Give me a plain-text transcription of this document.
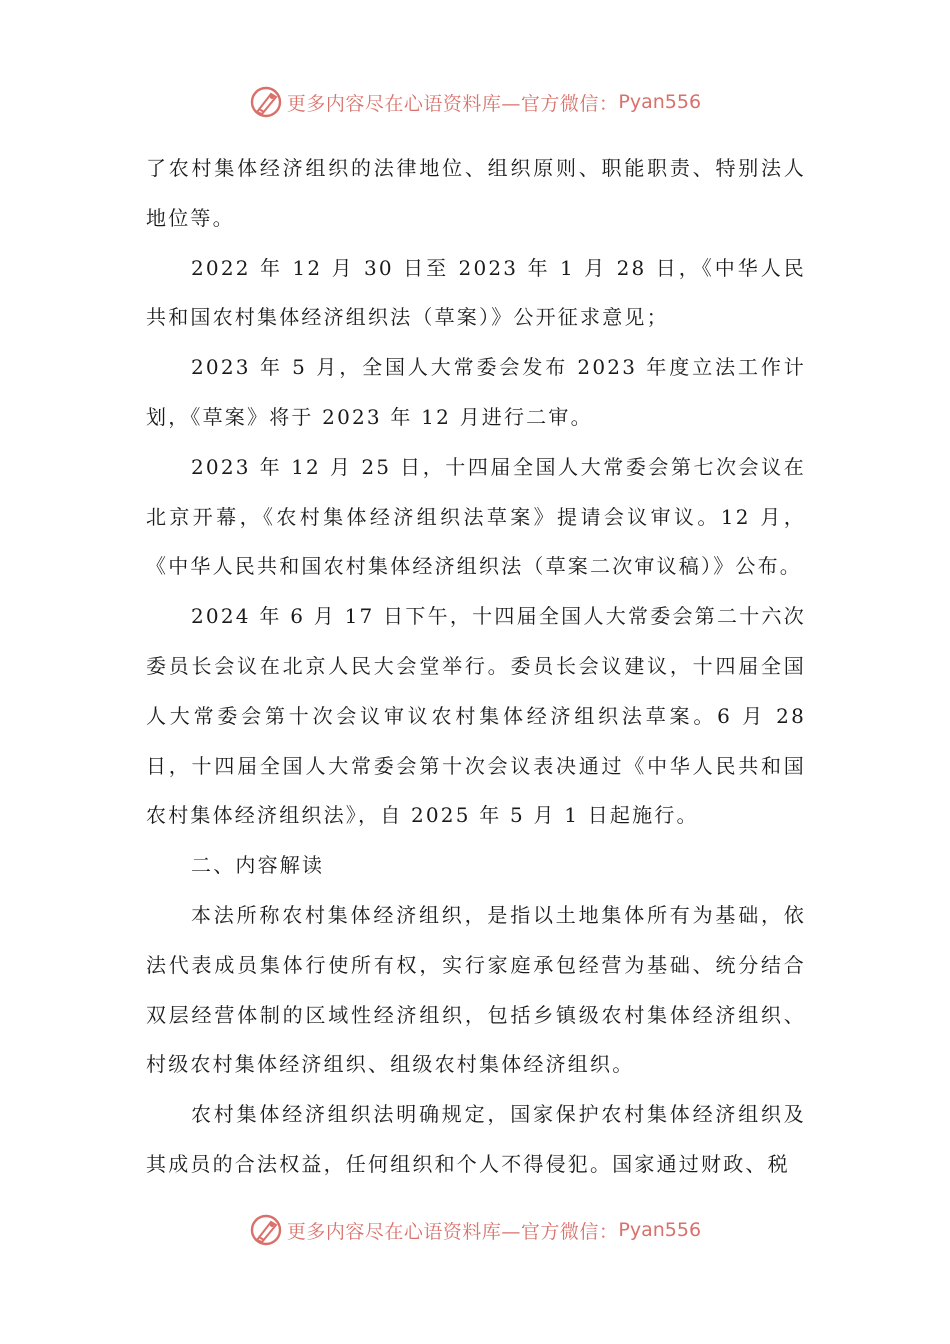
更多内容尽在心语资料库—官方微信： Pyan556

了农村集体经济组织的法律地位、组织原则、职能职责、特别法人地位等。

2022 年 12 月 30 日至 2023 年 1 月 28 日，《中华人民共和国农村集体经济组织法（草案）》公开征求意见；

2023 年 5 月，全国人大常委会发布 2023 年度立法工作计划，《草案》将于 2023 年 12 月进行二审。

2023 年 12 月 25 日，十四届全国人大常委会第七次会议在北京开幕，《农村集体经济组织法草案》提请会议审议。12 月，《中华人民共和国农村集体经济组织法（草案二次审议稿）》公布。

2024 年 6 月 17 日下午，十四届全国人大常委会第二十六次委员长会议在北京人民大会堂举行。委员长会议建议，十四届全国人大常委会第十次会议审议农村集体经济组织法草案。6 月 28 日，十四届全国人大常委会第十次会议表决通过《中华人民共和国农村集体经济组织法》，自 2025 年 5 月 1 日起施行。

二、内容解读

本法所称农村集体经济组织，是指以土地集体所有为基础，依法代表成员集体行使所有权，实行家庭承包经营为基础、统分结合双层经营体制的区域性经济组织，包括乡镇级农村集体经济组织、村级农村集体经济组织、组级农村集体经济组织。

农村集体经济组织法明确规定，国家保护农村集体经济组织及其成员的合法权益，任何组织和个人不得侵犯。国家通过财政、税

更多内容尽在心语资料库—官方微信： Pyan556
